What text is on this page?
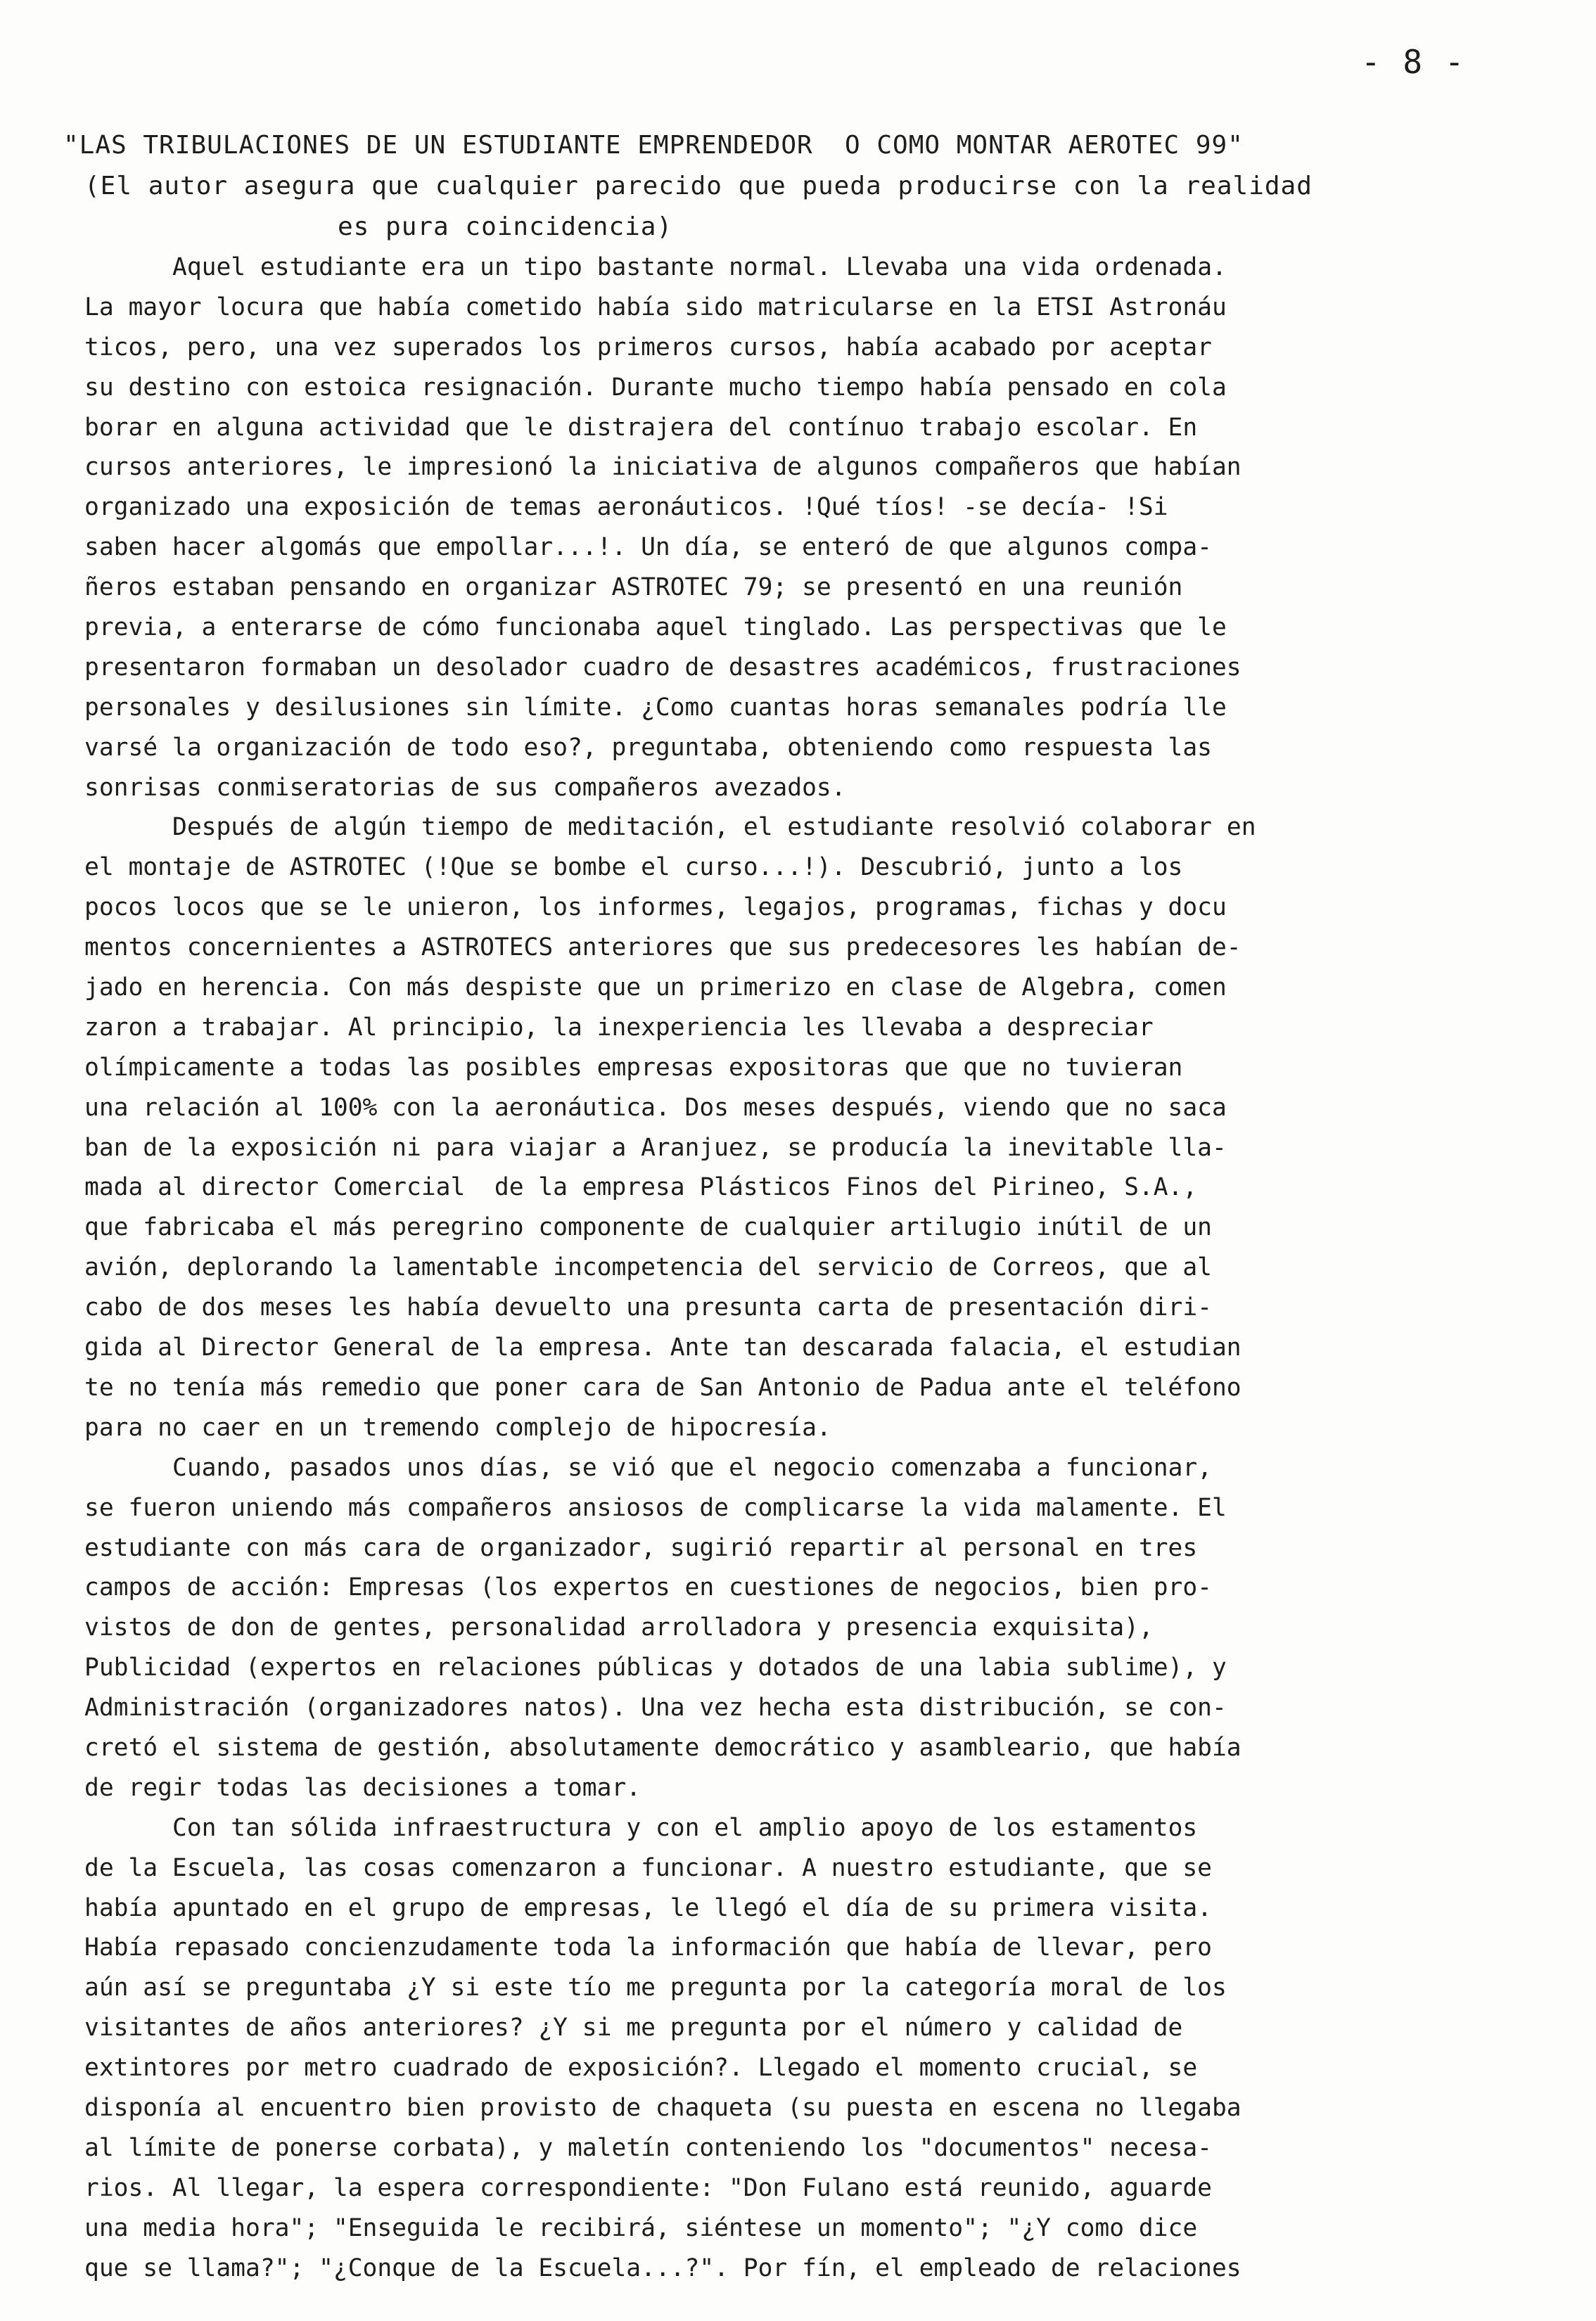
- 8 -
"LAS TRIBULACIONES DE UN ESTUDIANTE EMPRENDEDOR  O COMO MONTAR AEROTEC 99"
(El autor asegura que cualquier parecido que pueda producirse con la realidad
es pura coincidencia)
Aquel estudiante era un tipo bastante normal. Llevaba una vida ordenada.
La mayor locura que había cometido había sido matricularse en la ETSI Astronáu
ticos, pero, una vez superados los primeros cursos, había acabado por aceptar
su destino con estoica resignación. Durante mucho tiempo había pensado en cola
borar en alguna actividad que le distrajera del contínuo trabajo escolar. En
cursos anteriores, le impresionó la iniciativa de algunos compañeros que habían
organizado una exposición de temas aeronáuticos. !Qué tíos! -se decía- !Si
saben hacer algomás que empollar...!. Un día, se enteró de que algunos compa-
ñeros estaban pensando en organizar ASTROTEC 79; se presentó en una reunión
previa, a enterarse de cómo funcionaba aquel tinglado. Las perspectivas que le
presentaron formaban un desolador cuadro de desastres académicos, frustraciones
personales y desilusiones sin límite. ¿Como cuantas horas semanales podría lle
varsé la organización de todo eso?, preguntaba, obteniendo como respuesta las
sonrisas conmiseratorias de sus compañeros avezados.
Después de algún tiempo de meditación, el estudiante resolvió colaborar en
el montaje de ASTROTEC (!Que se bombe el curso...!). Descubrió, junto a los
pocos locos que se le unieron, los informes, legajos, programas, fichas y docu
mentos concernientes a ASTROTECS anteriores que sus predecesores les habían de-
jado en herencia. Con más despiste que un primerizo en clase de Algebra, comen
zaron a trabajar. Al principio, la inexperiencia les llevaba a despreciar
olímpicamente a todas las posibles empresas expositoras que que no tuvieran
una relación al 100% con la aeronáutica. Dos meses después, viendo que no saca
ban de la exposición ni para viajar a Aranjuez, se producía la inevitable lla-
mada al director Comercial  de la empresa Plásticos Finos del Pirineo, S.A.,
que fabricaba el más peregrino componente de cualquier artilugio inútil de un
avión, deplorando la lamentable incompetencia del servicio de Correos, que al
cabo de dos meses les había devuelto una presunta carta de presentación diri-
gida al Director General de la empresa. Ante tan descarada falacia, el estudian
te no tenía más remedio que poner cara de San Antonio de Padua ante el teléfono
para no caer en un tremendo complejo de hipocresía.
Cuando, pasados unos días, se vió que el negocio comenzaba a funcionar,
se fueron uniendo más compañeros ansiosos de complicarse la vida malamente. El
estudiante con más cara de organizador, sugirió repartir al personal en tres
campos de acción: Empresas (los expertos en cuestiones de negocios, bien pro-
vistos de don de gentes, personalidad arrolladora y presencia exquisita),
Publicidad (expertos en relaciones públicas y dotados de una labia sublime), y
Administración (organizadores natos). Una vez hecha esta distribución, se con-
cretó el sistema de gestión, absolutamente democrático y asambleario, que había
de regir todas las decisiones a tomar.
Con tan sólida infraestructura y con el amplio apoyo de los estamentos
de la Escuela, las cosas comenzaron a funcionar. A nuestro estudiante, que se
había apuntado en el grupo de empresas, le llegó el día de su primera visita.
Había repasado concienzudamente toda la información que había de llevar, pero
aún así se preguntaba ¿Y si este tío me pregunta por la categoría moral de los
visitantes de años anteriores? ¿Y si me pregunta por el número y calidad de
extintores por metro cuadrado de exposición?. Llegado el momento crucial, se
disponía al encuentro bien provisto de chaqueta (su puesta en escena no llegaba
al límite de ponerse corbata), y maletín conteniendo los "documentos" necesa-
rios. Al llegar, la espera correspondiente: "Don Fulano está reunido, aguarde
una media hora"; "Enseguida le recibirá, siéntese un momento"; "¿Y como dice
que se llama?"; "¿Conque de la Escuela...?". Por fín, el empleado de relaciones
